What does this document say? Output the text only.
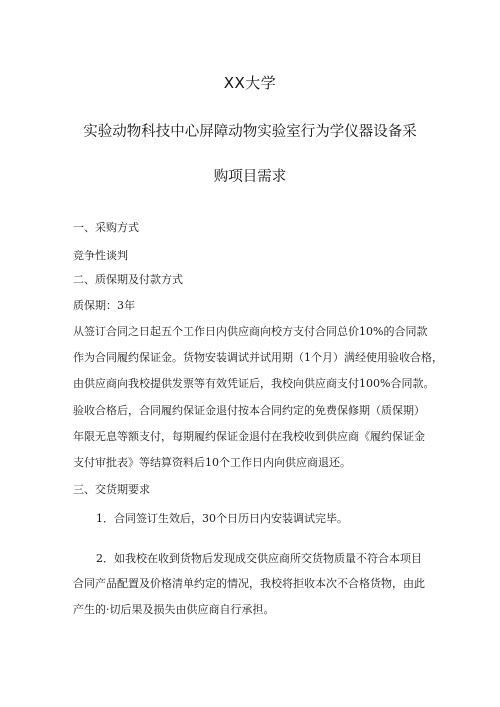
XX大学
实验动物科技中心屏障动物实验室行为学仪器设备采
购项目需求
一、采购方式
竞争性谈判
二、质保期及付款方式
质保期：3年
从签订合同之日起五个工作日内供应商向校方支付合同总价10%的合同款
作为合同履约保证金。货物安装调试并试用期（1个月）满经使用验收合格，
由供应商向我校提供发票等有效凭证后，我校向供应商支付100%合同款。
验收合格后，合同履约保证金退付按本合同约定的免费保修期（质保期）
年限无息等额支付，每期履约保证金退付在我校收到供应商《履约保证金
支付审批表》等结算资料后10个工作日内向供应商退还。
三、交货期要求
1．合同签订生效后，30个日历日内安装调试完毕。
2．如我校在收到货物后发现成交供应商所交货物质量不符合本项目
合同产品配置及价格清单约定的情况，我校将拒收本次不合格货物，由此
产生的·切后果及损失由供应商自行承担。
